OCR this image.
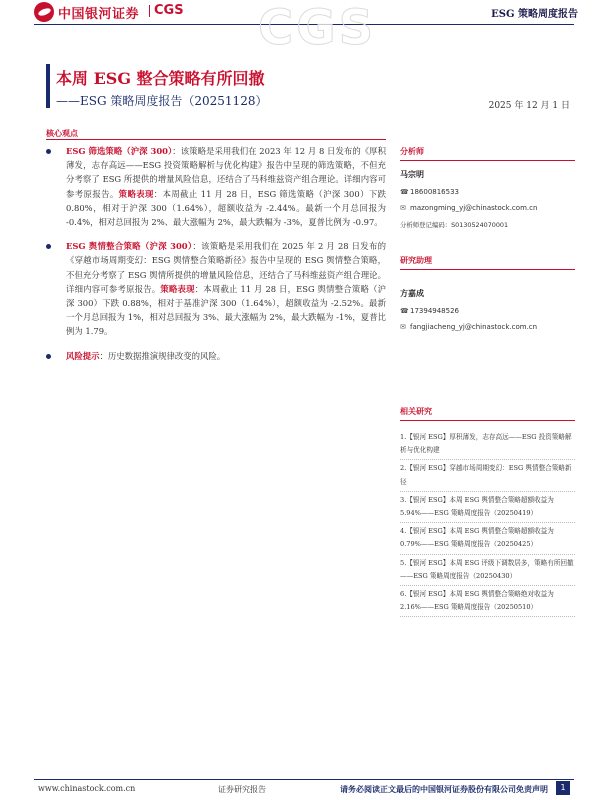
中国银河证券 CGS	ESG 策略周度报告
CGS
本周 ESG 整合策略有所回撤
——ESG 策略周度报告（20251128）	2025 年 12 月 1 日
核心观点
ESG 筛选策略（沪深 300）：该策略是采用我们在 2023 年 12 月 8 日发布的《厚积薄发，志存高远——ESG 投资策略解析与优化构建》报告中呈现的筛选策略，不但充分考察了 ESG 所提供的增量风险信息，还结合了马科维兹资产组合理论。详细内容可参考原报告。策略表现：本周截止 11 月 28 日，ESG 筛选策略（沪深 300）下跌 0.80%，相对于沪深 300（1.64%），超额收益为 -2.44%。最新一个月总回报为 -0.4%，相对总回报为 2%、最大涨幅为 2%，最大跌幅为 -3%，夏普比例为 -0.97。
ESG 舆情整合策略（沪深 300）：该策略是采用我们在 2025 年 2 月 28 日发布的《穿越市场周期变幻：ESG 舆情整合策略新径》报告中呈现的 ESG 舆情整合策略，不但充分考察了 ESG 舆情所提供的增量风险信息，还结合了马科维兹资产组合理论。详细内容可参考原报告。策略表现：本周截止 11 月 28 日，ESG 舆情整合策略（沪深 300）下跌 0.88%，相对于基准沪深 300（1.64%），超额收益为 -2.52%。最新一个月总回报为 1%，相对总回报为 3%、最大涨幅为 2%，最大跌幅为 -1%，夏普比例为 1.79。
风险提示：历史数据推演规律改变的风险。
分析师
马宗明
☎18600816533
✉ mazongming_yj@chinastock.com.cn
分析师登记编码：S0130524070001
研究助理
方嘉成
☎17394948526
✉ fangjiacheng_yj@chinastock.com.cn
相关研究
1.【银河 ESG】厚积薄发，志存高远——ESG 投资策略解析与优化构建
2.【银河 ESG】穿越市场周期变幻：ESG 舆情整合策略新径
3.【银河 ESG】本周 ESG 舆情整合策略超额收益为 5.94%——ESG 策略周度报告（20250419）
4.【银河 ESG】本周 ESG 舆情整合策略超额收益为 0.79%——ESG 策略周度报告（20250425）
5.【银河 ESG】本周 ESG 评级下调数居多，策略有所回撤——ESG 策略周度报告（20250430）
6.【银河 ESG】本周 ESG 舆情整合策略绝对收益为 2.16%——ESG 策略周度报告（20250510）
www.chinastock.com.cn	证券研究报告	请务必阅读正文最后的中国银河证券股份有限公司免责声明	1
